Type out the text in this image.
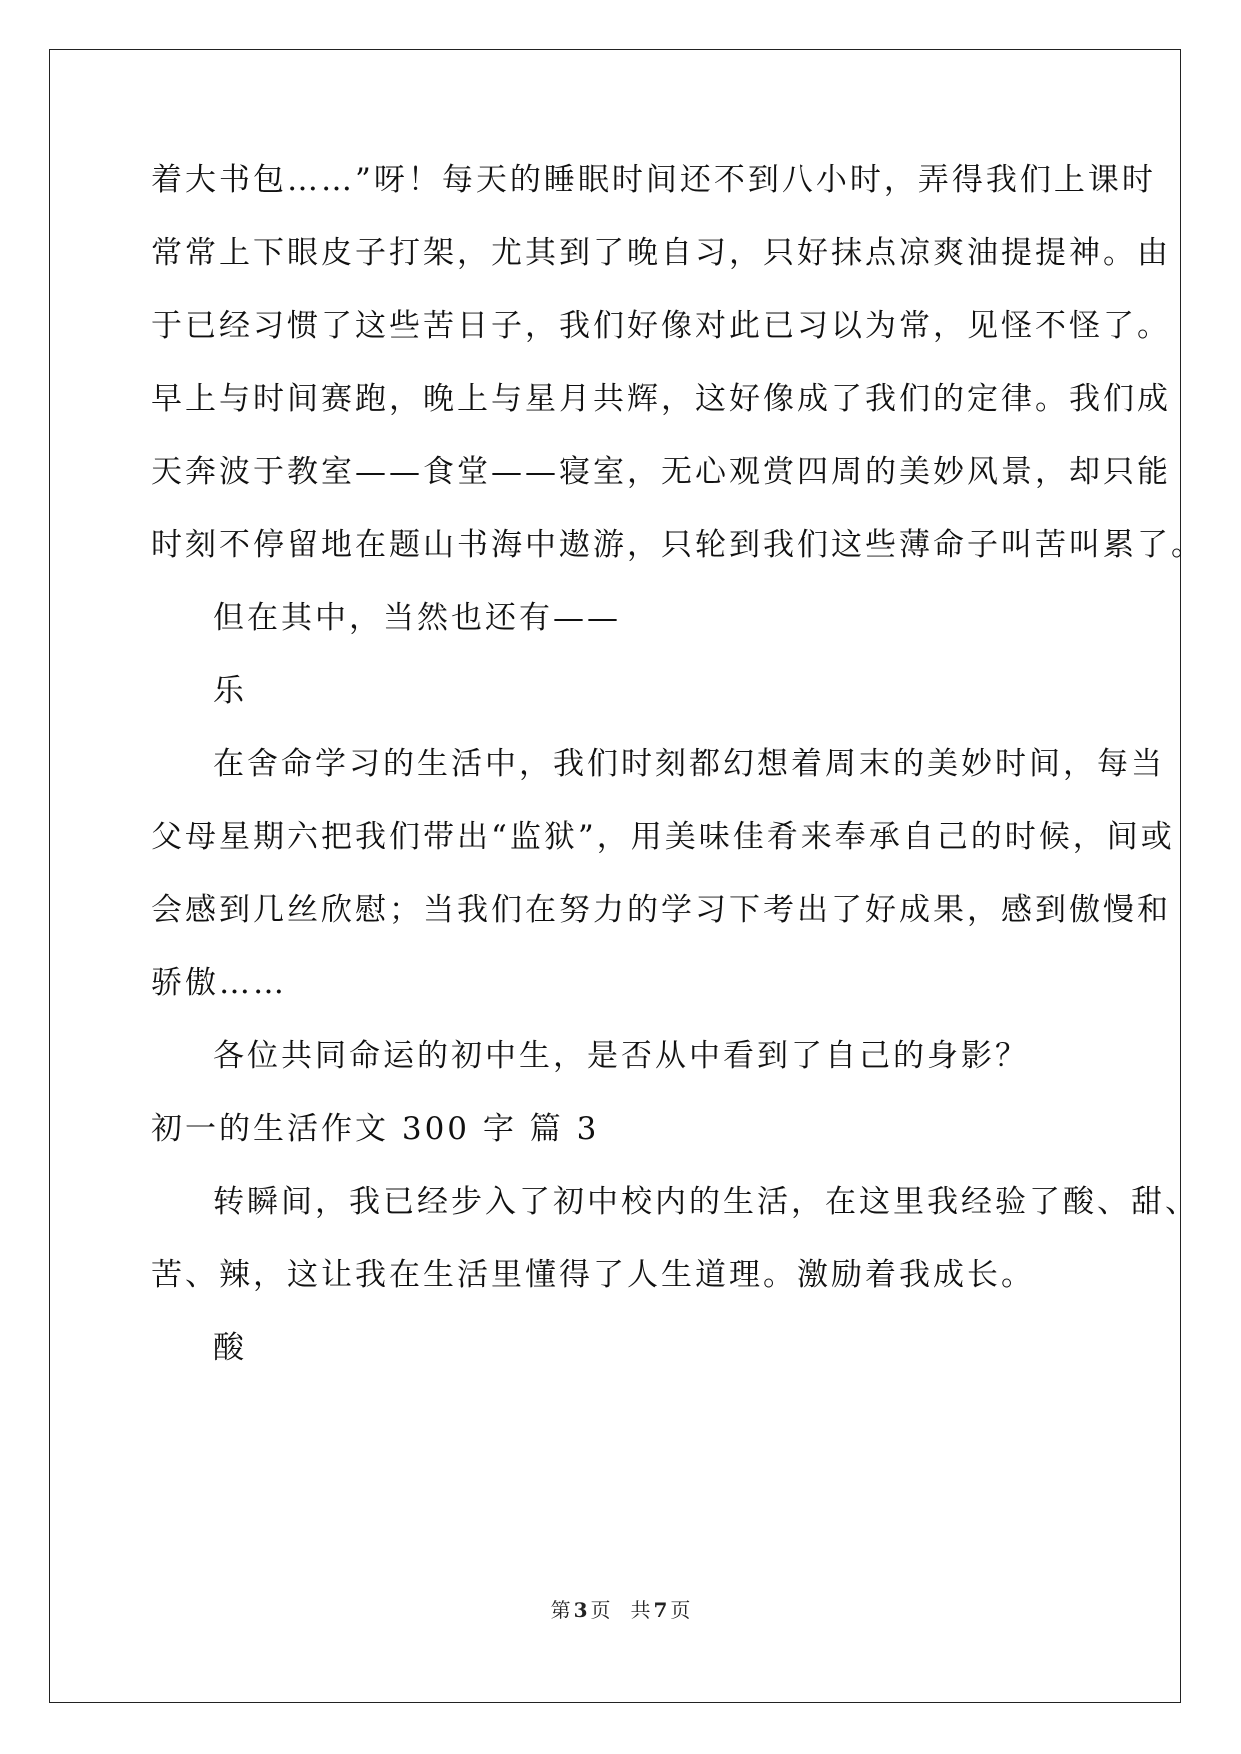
着大书包……”呀！每天的睡眠时间还不到八小时，弄得我们上课时
常常上下眼皮子打架，尤其到了晚自习，只好抹点凉爽油提提神。由
于已经习惯了这些苦日子，我们好像对此已习以为常，见怪不怪了。
早上与时间赛跑，晚上与星月共辉，这好像成了我们的定律。我们成
天奔波于教室——食堂——寝室，无心观赏四周的美妙风景，却只能
时刻不停留地在题山书海中遨游，只轮到我们这些薄命子叫苦叫累了。
但在其中，当然也还有——
乐
在舍命学习的生活中，我们时刻都幻想着周末的美妙时间，每当
父母星期六把我们带出“监狱”，用美味佳肴来奉承自己的时候，间或
会感到几丝欣慰；当我们在努力的学习下考出了好成果，感到傲慢和
骄傲……
各位共同命运的初中生，是否从中看到了自己的身影？
初一的生活作文 300 字 篇 3
转瞬间，我已经步入了初中校内的生活，在这里我经验了酸、甜、
苦、辣，这让我在生活里懂得了人生道理。激励着我成长。
酸
第 3 页 共 7 页
